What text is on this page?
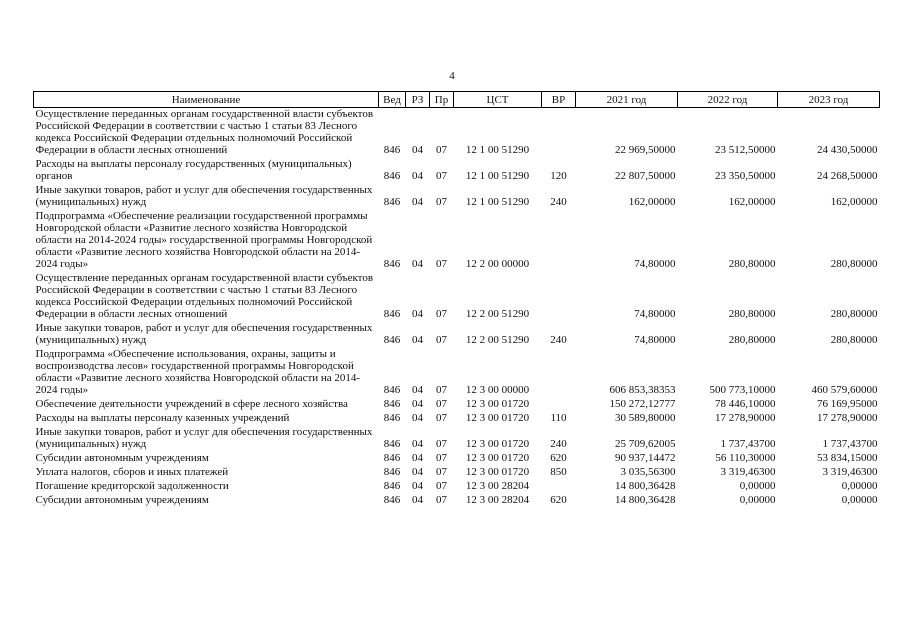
4
Наименование	Вед	РЗ	Пр	ЦСТ	ВР	2021 год	2022 год	2023 год
Осуществление переданных органам государственной власти субъектов Российской Федерации в соответствии с частью 1 статьи 83 Лесного кодекса Российской Федерации отдельных полномочий Российской Федерации в области лесных отношений	846	04	07	12 1 00 51290		22 969,50000	23 512,50000	24 430,50000
Расходы на выплаты персоналу государственных (муниципальных) органов	846	04	07	12 1 00 51290	120	22 807,50000	23 350,50000	24 268,50000
Иные закупки товаров, работ и услуг для обеспечения государственных (муниципальных) нужд	846	04	07	12 1 00 51290	240	162,00000	162,00000	162,00000
Подпрограмма «Обеспечение реализации государственной программы Новгородской области «Развитие лесного хозяйства Новгородской области на 2014-2024 годы» государственной программы Новгородской области «Развитие лесного хозяйства Новгородской области на 2014-2024 годы»	846	04	07	12 2 00 00000		74,80000	280,80000	280,80000
Осуществление переданных органам государственной власти субъектов Российской Федерации в соответствии с частью 1 статьи 83 Лесного кодекса Российской Федерации отдельных полномочий Российской Федерации в области лесных отношений	846	04	07	12 2 00 51290		74,80000	280,80000	280,80000
Иные закупки товаров, работ и услуг для обеспечения государственных (муниципальных) нужд	846	04	07	12 2 00 51290	240	74,80000	280,80000	280,80000
Подпрограмма «Обеспечение использования, охраны, защиты и воспроизводства лесов» государственной программы Новгородской области «Развитие лесного хозяйства Новгородской области на 2014-2024 годы»	846	04	07	12 3 00 00000		606 853,38353	500 773,10000	460 579,60000
Обеспечение деятельности учреждений в сфере лесного хозяйства	846	04	07	12 3 00 01720		150 272,12777	78 446,10000	76 169,95000
Расходы на выплаты персоналу казенных учреждений	846	04	07	12 3 00 01720	110	30 589,80000	17 278,90000	17 278,90000
Иные закупки товаров, работ и услуг для обеспечения государственных (муниципальных) нужд	846	04	07	12 3 00 01720	240	25 709,62005	1 737,43700	1 737,43700
Субсидии автономным учреждениям	846	04	07	12 3 00 01720	620	90 937,14472	56 110,30000	53 834,15000
Уплата налогов, сборов и иных платежей	846	04	07	12 3 00 01720	850	3 035,56300	3 319,46300	3 319,46300
Погашение кредиторской задолженности	846	04	07	12 3 00 28204		14 800,36428	0,00000	0,00000
Субсидии автономным учреждениям	846	04	07	12 3 00 28204	620	14 800,36428	0,00000	0,00000
